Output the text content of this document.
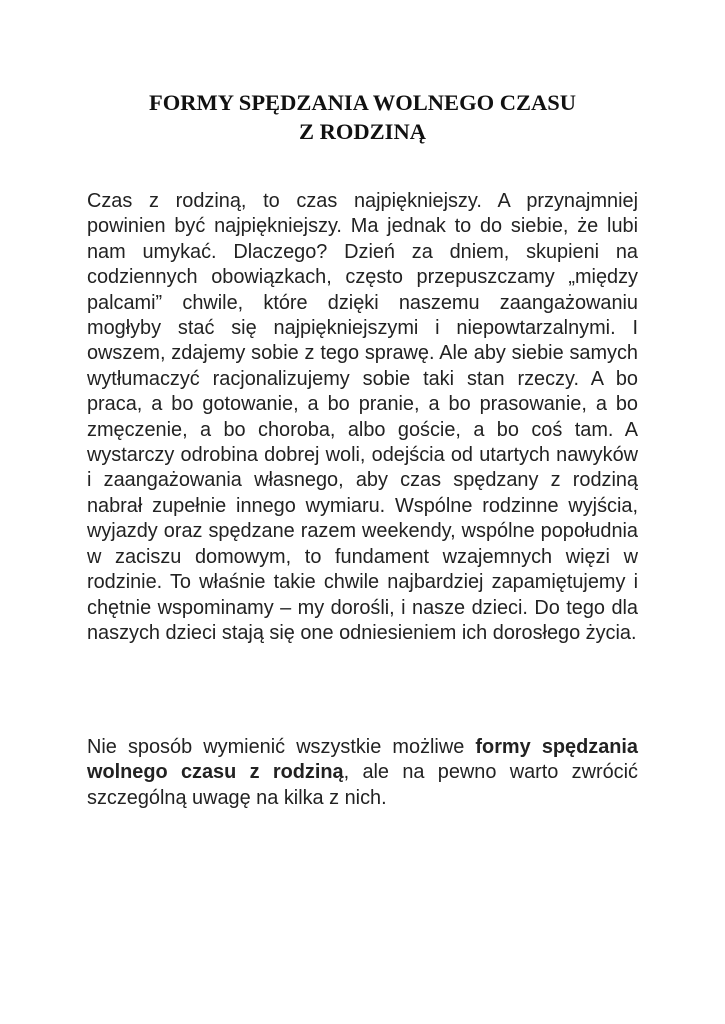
FORMY SPĘDZANIA WOLNEGO CZASU
Z RODZINĄ

Czas z rodziną, to czas najpiękniejszy. A przynajmniej powinien być najpiękniejszy. Ma jednak to do siebie, że lubi nam umykać. Dlaczego? Dzień za dniem, skupieni na codziennych obowiązkach, często przepuszczamy „między palcami” chwile, które dzięki naszemu zaangażowaniu mogłyby stać się najpiękniejszymi i niepowtarzalnymi. I owszem, zdajemy sobie z tego sprawę. Ale aby siebie samych wytłumaczyć racjonalizujemy sobie taki stan rzeczy. A bo praca, a bo gotowanie, a bo pranie, a bo prasowanie, a bo zmęczenie, a bo choroba, albo goście, a bo coś tam. A wystarczy odrobina dobrej woli, odejścia od utartych nawyków i zaangażowania własnego, aby czas spędzany z rodziną nabrał zupełnie innego wymiaru. Wspólne rodzinne wyjścia, wyjazdy oraz spędzane razem weekendy, wspólne popołudnia w zaciszu domowym, to fundament wzajemnych więzi w rodzinie. To właśnie takie chwile najbardziej zapamiętujemy i chętnie wspominamy – my dorośli, i nasze dzieci. Do tego dla naszych dzieci stają się one odniesieniem ich dorosłego życia.

Nie sposób wymienić wszystkie możliwe formy spędzania wolnego czasu z rodziną, ale na pewno warto zwrócić szczególną uwagę na kilka z nich.
